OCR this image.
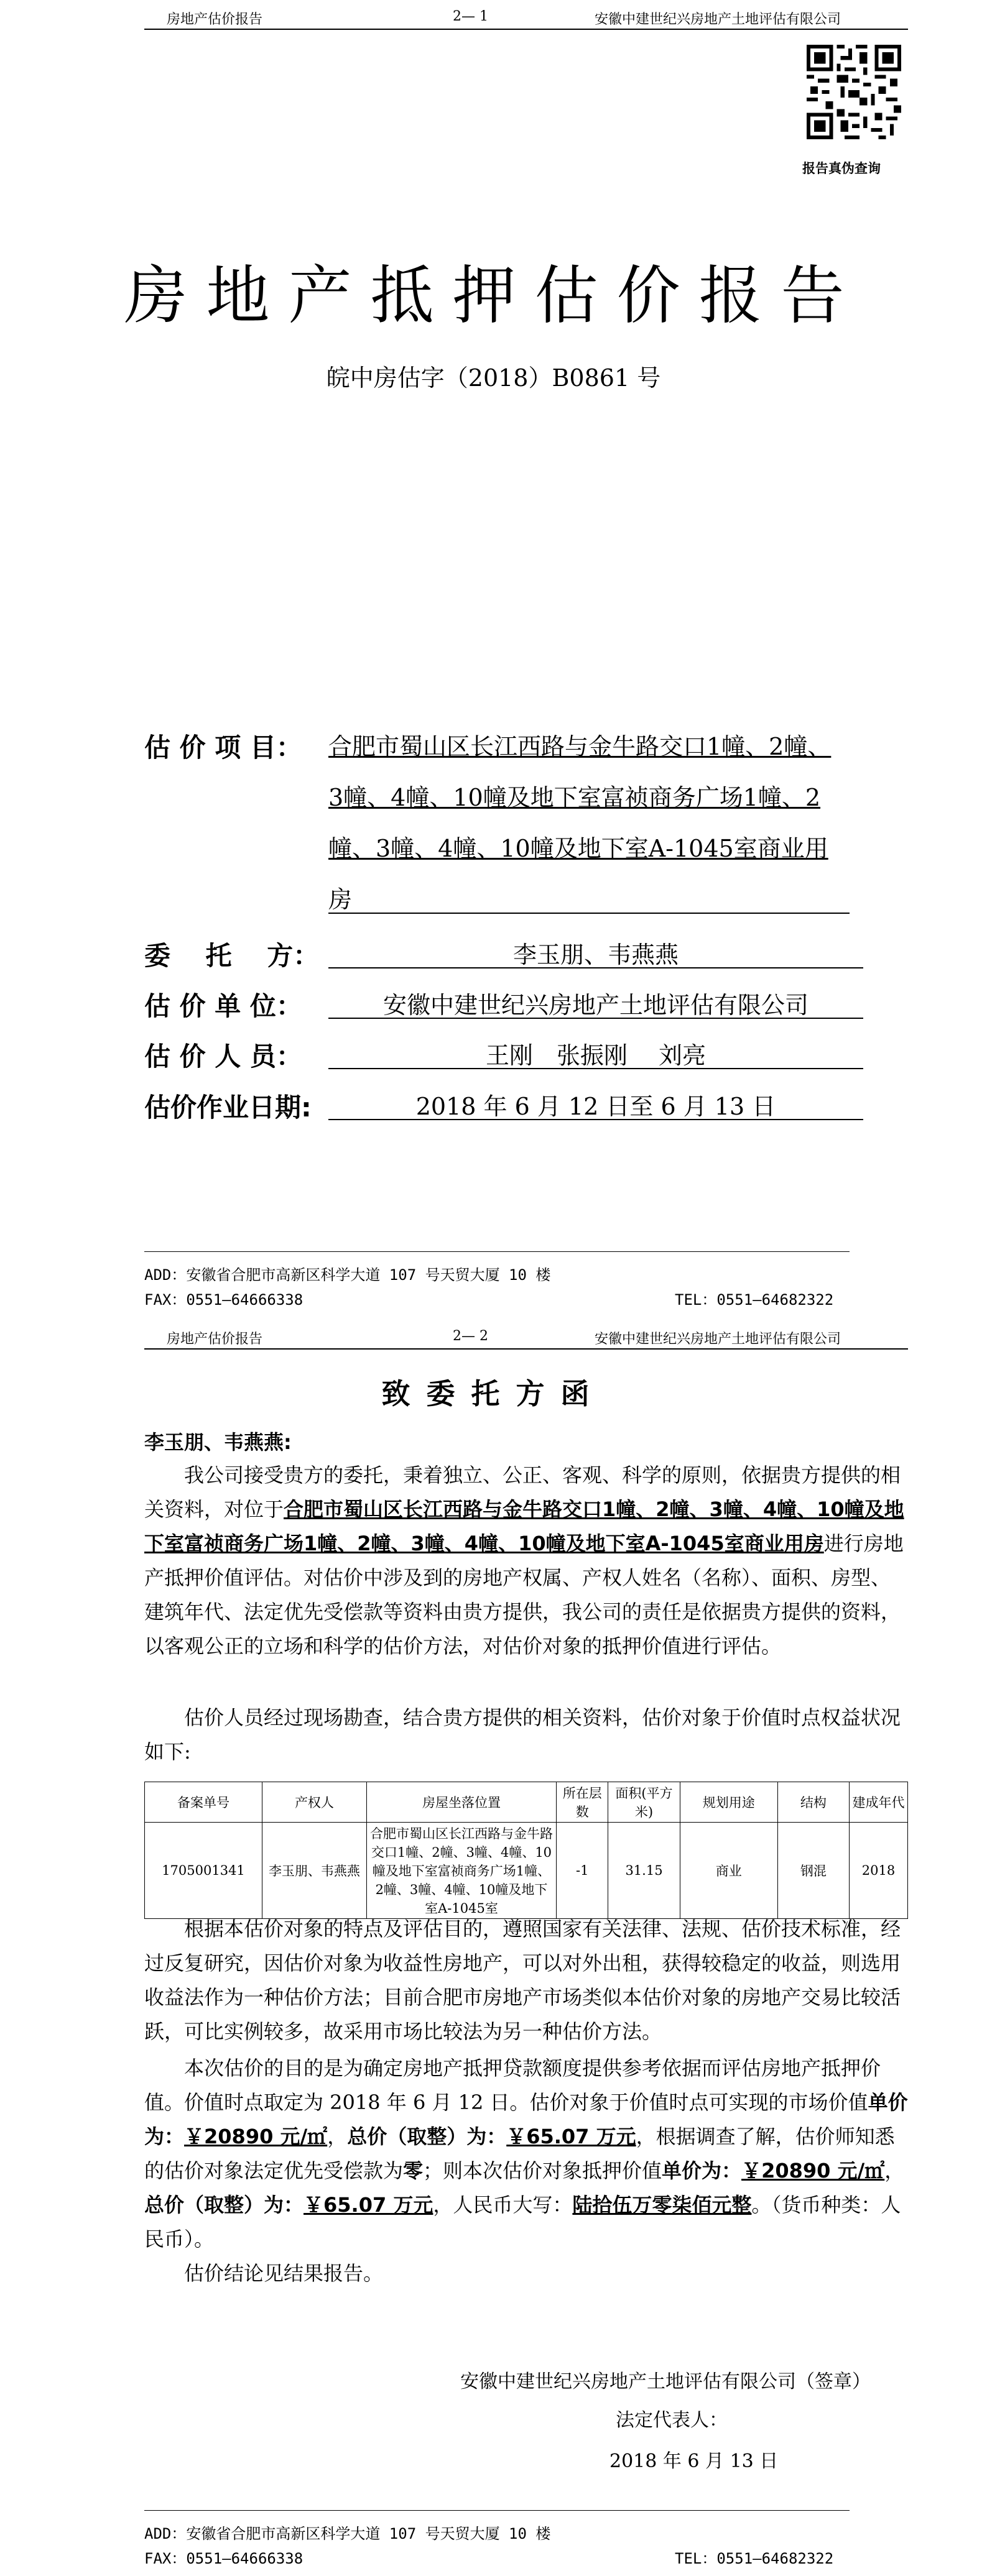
房地产估价报告	2— 1	安徽中建世纪兴房地产土地评估有限公司
报告真伪查询
房地产抵押估价报告
皖中房估字（2018）B0861 号
估 价 项 目： 合肥市蜀山区长江西路与金牛路交口1幢、2幢、
3幢、4幢、10幢及地下室富祯商务广场1幢、2
幢、3幢、4幢、10幢及地下室A-1045室商业用
房
委　 托　 方：	李玉朋、韦燕燕
估 价 单 位：	安徽中建世纪兴房地产土地评估有限公司
估 价 人 员：	王刚　张振刚　 刘亮
估价作业日期:	2018 年 6 月 12 日至 6 月 13 日
ADD：安徽省合肥市高新区科学大道 107 号天贸大厦 10 楼
FAX：0551—64666338	TEL：0551—64682322
房地产估价报告	2— 2	安徽中建世纪兴房地产土地评估有限公司
致委托方函
李玉朋、韦燕燕:

我公司接受贵方的委托，秉着独立、公正、客观、科学的原则，依据贵方提供的相关资料，对位于合肥市蜀山区长江西路与金牛路交口1幢、2幢、3幢、4幢、10幢及地下室富祯商务广场1幢、2幢、3幢、4幢、10幢及地下室A-1045室商业用房进行房地产抵押价值评估。对估价中涉及到的房地产权属、产权人姓名（名称）、面积、房型、建筑年代、法定优先受偿款等资料由贵方提供，我公司的责任是依据贵方提供的资料，以客观公正的立场和科学的估价方法，对估价对象的抵押价值进行评估。

估价人员经过现场勘查，结合贵方提供的相关资料，估价对象于价值时点权益状况如下:

备案单号	产权人	房屋坐落位置	所在层数	面积(平方米)	规划用途	结构	建成年代
1705001341	李玉朋、韦燕燕	合肥市蜀山区长江西路与金牛路交口1幢、2幢、3幢、4幢、10幢及地下室富祯商务广场1幢、2幢、3幢、4幢、10幢及地下室A-1045室	-1	31.15	商业	钢混	2018

根据本估价对象的特点及评估目的，遵照国家有关法律、法规、估价技术标准，经过反复研究，因估价对象为收益性房地产，可以对外出租，获得较稳定的收益，则选用收益法作为一种估价方法；目前合肥市房地产市场类似本估价对象的房地产交易比较活跃，可比实例较多，故采用市场比较法为另一种估价方法。

本次估价的目的是为确定房地产抵押贷款额度提供参考依据而评估房地产抵押价值。价值时点取定为 2018 年 6 月 12 日。估价对象于价值时点可实现的市场价值单价为：￥20890 元/㎡，总价（取整）为：￥65.07 万元，根据调查了解，估价师知悉的估价对象法定优先受偿款为零；则本次估价对象抵押价值单价为：￥20890 元/㎡，总价（取整）为：￥65.07 万元，人民币大写：陆拾伍万零柒佰元整。（货币种类：人民币）。

估价结论见结果报告。

安徽中建世纪兴房地产土地评估有限公司（签章）
法定代表人：
2018 年 6 月 13 日
ADD：安徽省合肥市高新区科学大道 107 号天贸大厦 10 楼
FAX：0551—64666338	TEL：0551—64682322
